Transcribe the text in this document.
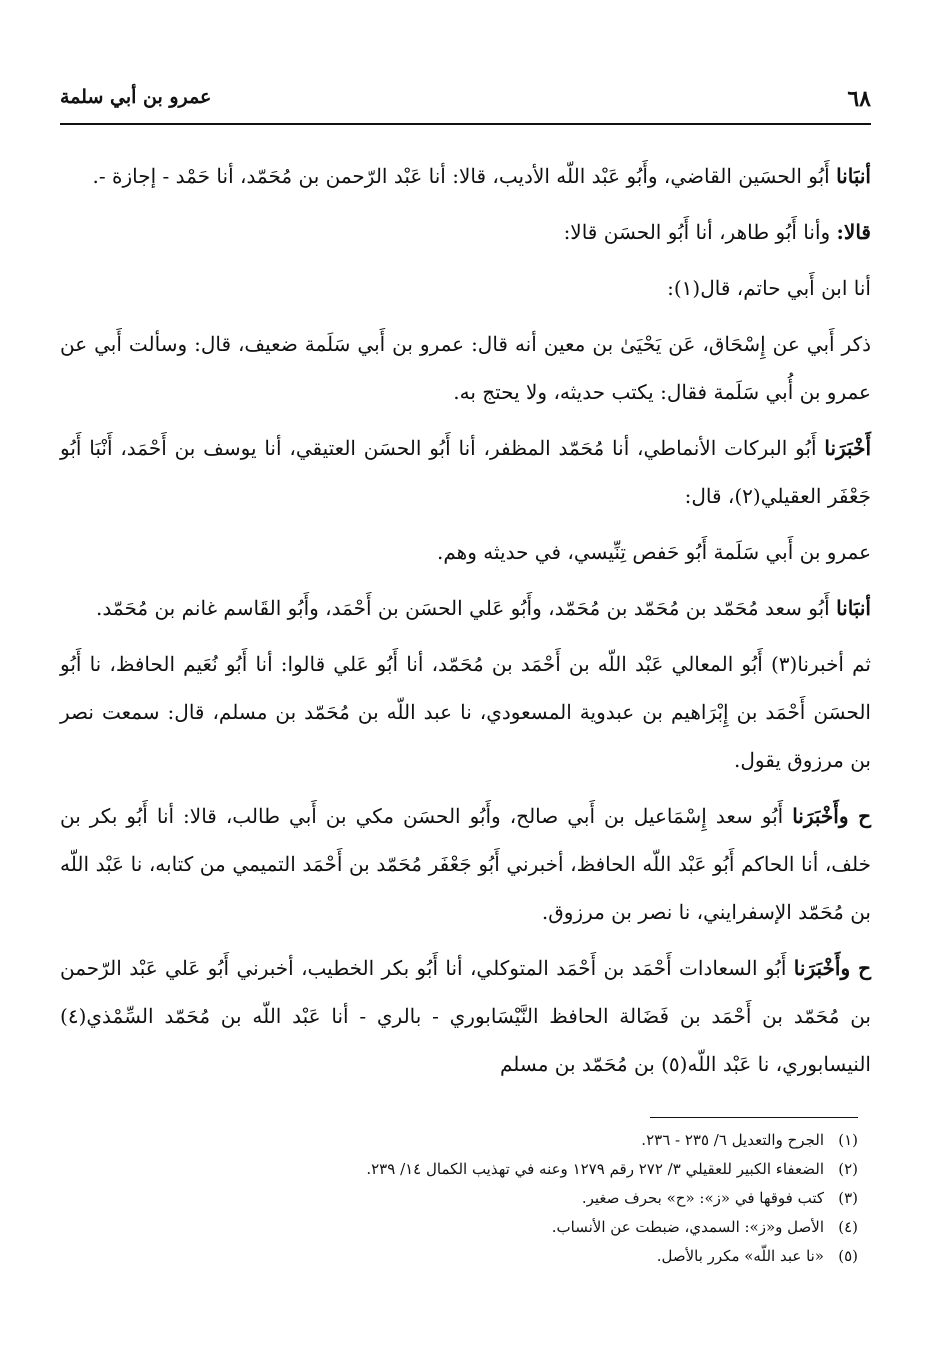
٦٨
عمرو بن أبي سلمة

أنبَانا أَبُو الحسَين القاضي، وأَبُو عَبْد اللّه الأديب، قالا: أنا عَبْد الرّحمن بن مُحَمّد، أنا حَمْد - إجازة -.

قالا: وأنا أَبُو طاهر، أنا أَبُو الحسَن قالا:

أنا ابن أَبي حاتم، قال(١):

ذكر أَبي عن إِسْحَاق، عَن يَحْيَىٰ بن معين أنه قال: عمرو بن أَبي سَلَمة ضعيف، قال: وسألت أَبي عن عمرو بن أُبي سَلَمة فقال: يكتب حديثه، ولا يحتج به.

أَخْبَرَنا أَبُو البركات الأنماطي، أنا مُحَمّد المظفر، أنا أَبُو الحسَن العتيقي، أنا يوسف بن أَحْمَد، أَنْبَا أَبُو جَعْفَر العقيلي(٢)، قال:

عمرو بن أَبي سَلَمة أَبُو حَفص تِنِّيسي، في حديثه وهم.

أنبَانا أَبُو سعد مُحَمّد بن مُحَمّد بن مُحَمّد، وأَبُو عَلي الحسَن بن أَحْمَد، وأَبُو القَاسم غانم بن مُحَمّد.

ثم أخبرنا(٣) أَبُو المعالي عَبْد اللّه بن أَحْمَد بن مُحَمّد، أنا أَبُو عَلي قالوا: أنا أَبُو نُعَيم الحافظ، نا أَبُو الحسَن أَحْمَد بن إِبْرَاهيم بن عبدوية المسعودي، نا عبد اللّه بن مُحَمّد بن مسلم، قال: سمعت نصر بن مرزوق يقول.

ح وأَخْبَرَنا أَبُو سعد إِسْمَاعيل بن أَبي صالح، وأَبُو الحسَن مكي بن أَبي طالب، قالا: أنا أَبُو بكر بن خلف، أنا الحاكم أَبُو عَبْد اللّه الحافظ، أخبرني أَبُو جَعْفَر مُحَمّد بن أَحْمَد التميمي من كتابه، نا عَبْد اللّه بن مُحَمّد الإسفرايني، نا نصر بن مرزوق.

ح وأَخْبَرَنا أَبُو السعادات أَحْمَد بن أَحْمَد المتوكلي، أنا أَبُو بكر الخطيب، أخبرني أَبُو عَلي عَبْد الرّحمن بن مُحَمّد بن أَحْمَد بن فَضَالة الحافظ النَّيْسَابوري - بالري - أنا عَبْد اللّه بن مُحَمّد السِّمْذي(٤) النيسابوري، نا عَبْد اللّه(٥) بن مُحَمّد بن مسلم

(١)الجرح والتعديل ٦/ ٢٣٥ - ٢٣٦.
(٢)الضعفاء الكبير للعقيلي ٣/ ٢٧٢ رقم ١٢٧٩ وعنه في تهذيب الكمال ١٤/ ٢٣٩.
(٣)كتب فوقها في «ز»: «ح» بحرف صغير.
(٤)الأصل و«ز»: السمدي، ضبطت عن الأنساب.
(٥)«نا عبد اللّه» مكرر بالأصل.
